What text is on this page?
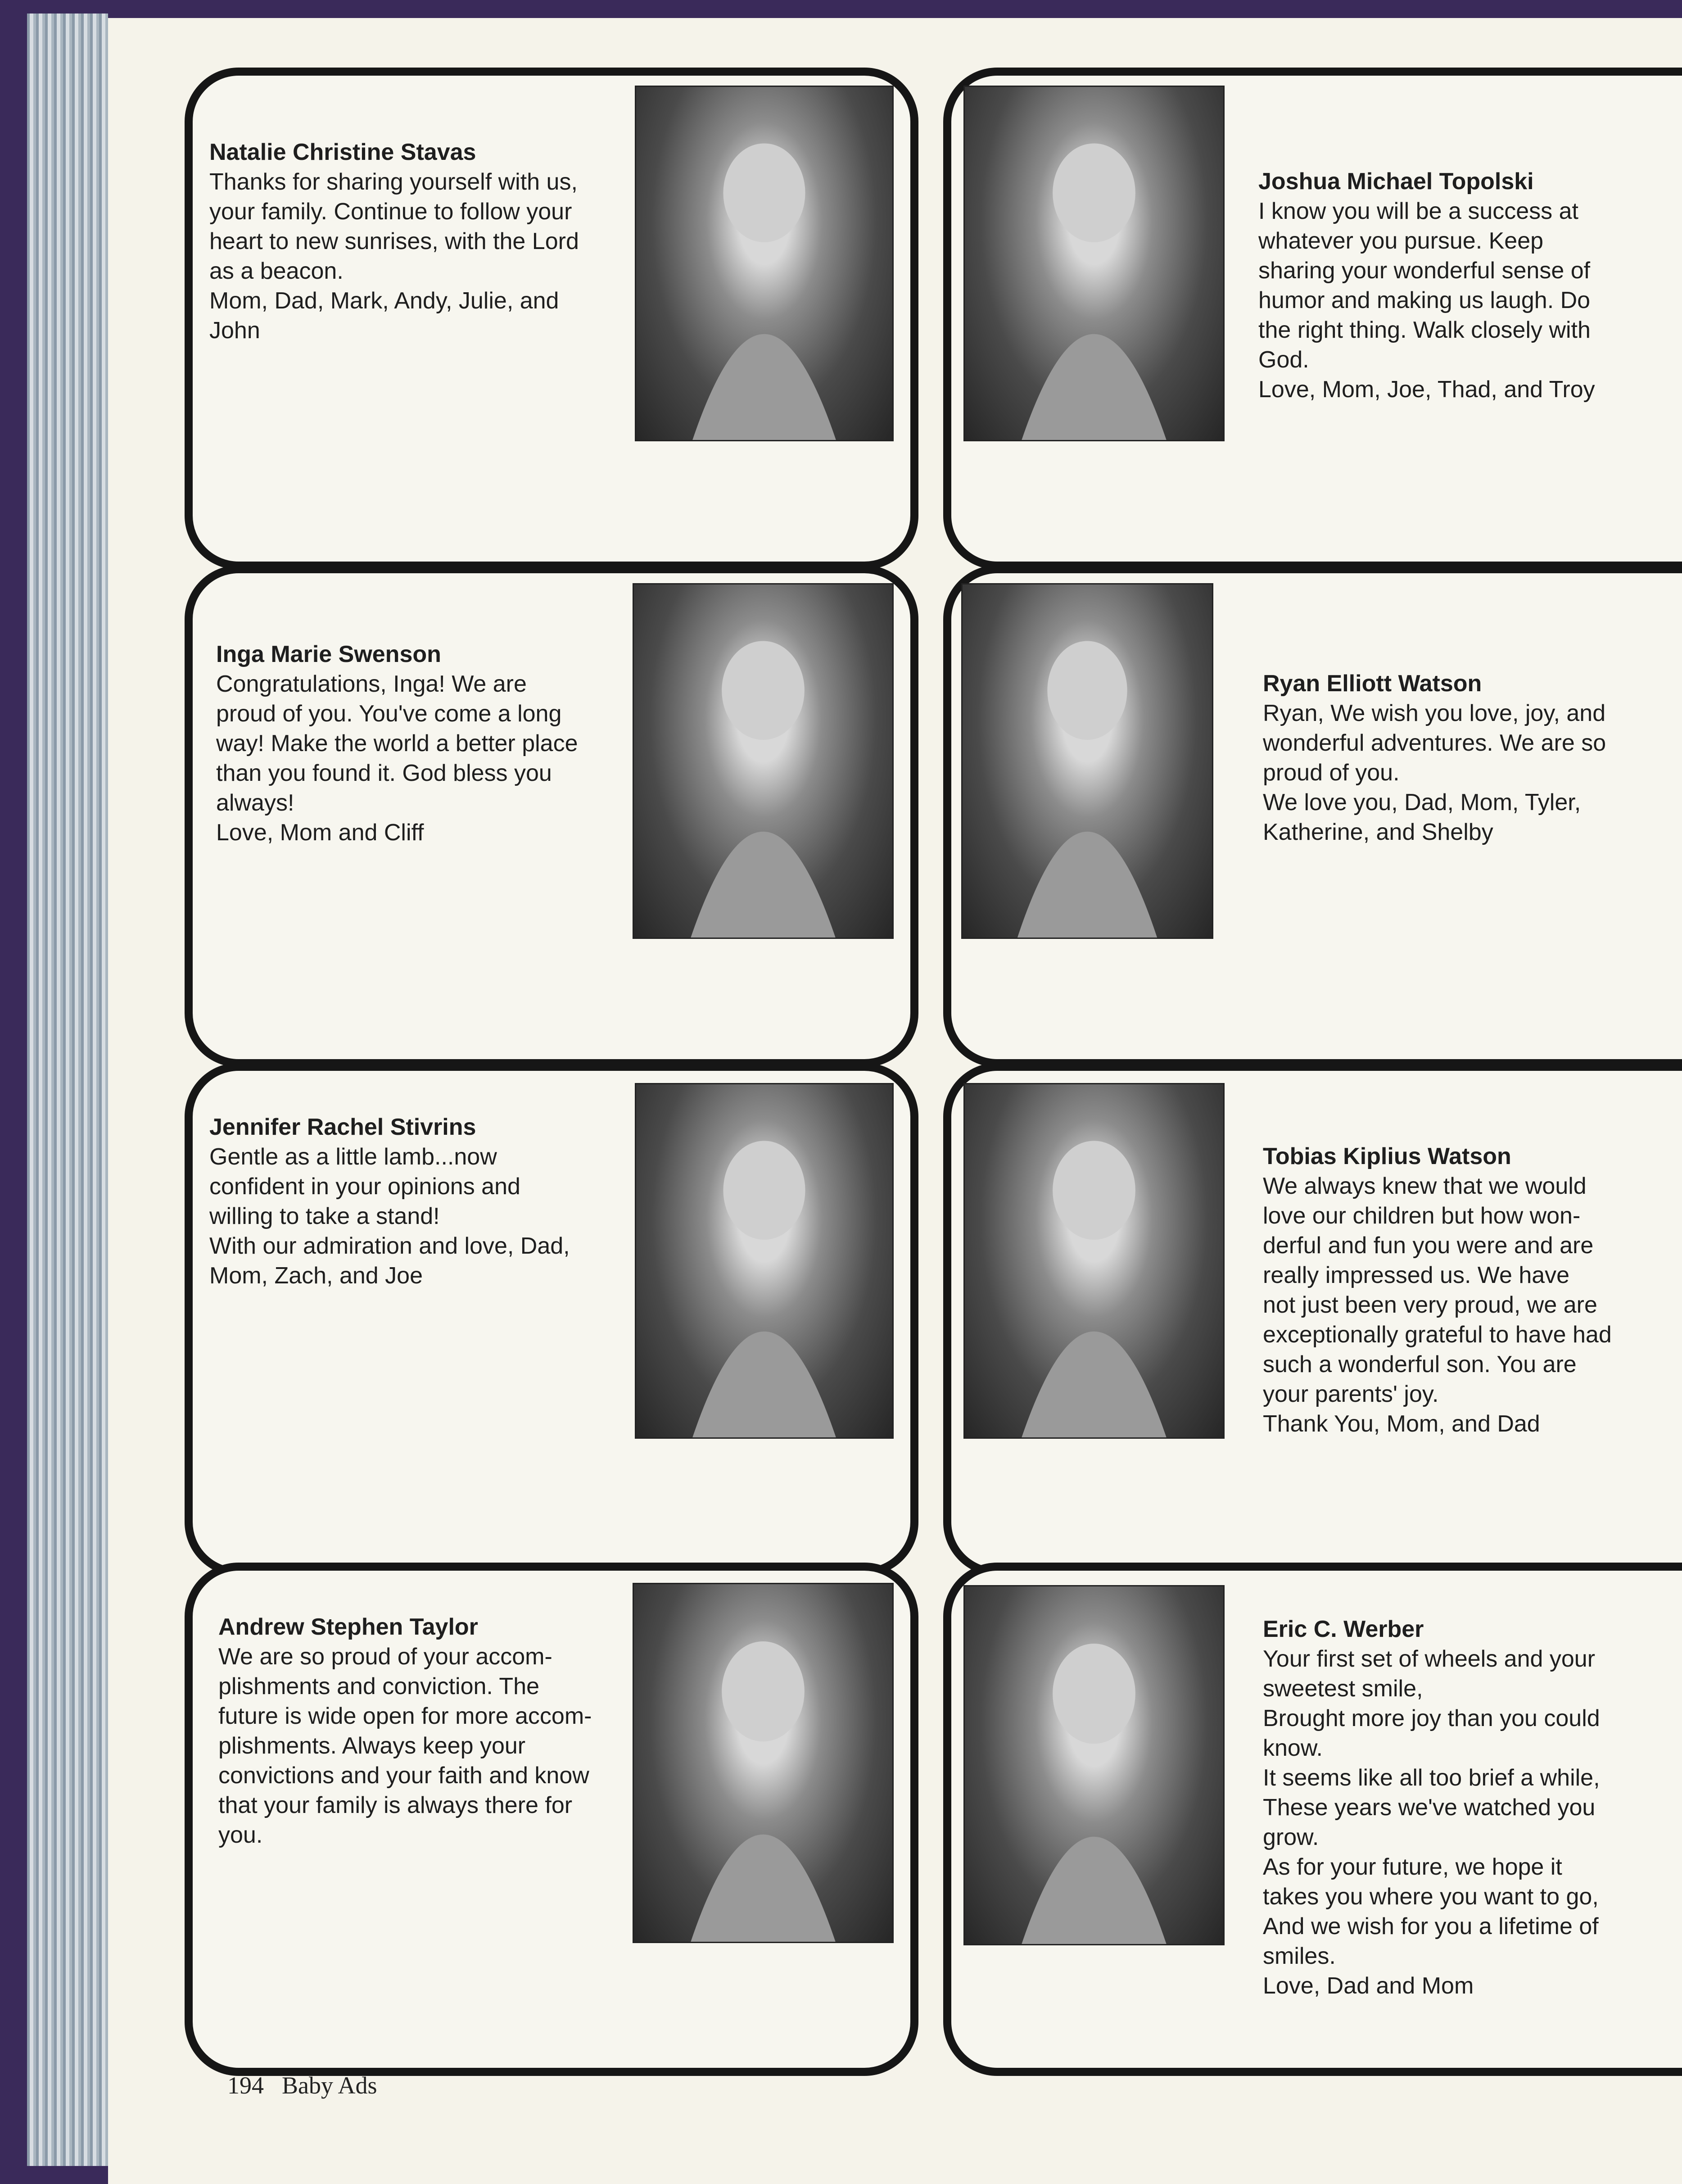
Natalie Christine Stavas
Thanks for sharing yourself with us,
your family. Continue to follow your
heart to new sunrises, with the Lord
as a beacon.
Mom, Dad, Mark, Andy, Julie, and
John
Joshua Michael Topolski
I know you will be a success at
whatever you pursue. Keep
sharing your wonderful sense of
humor and making us laugh. Do
the right thing. Walk closely with
God.
Love, Mom, Joe, Thad, and Troy
Inga Marie Swenson
Congratulations, Inga! We are
proud of you. You've come a long
way! Make the world a better place
than you found it. God bless you
always!
Love, Mom and Cliff
Ryan Elliott Watson
Ryan, We wish you love, joy, and
wonderful adventures. We are so
proud of you.
We love you, Dad, Mom, Tyler,
Katherine, and Shelby
Jennifer Rachel Stivrins
Gentle as a little lamb...now
confident in your opinions and
willing to take a stand!
With our admiration and love, Dad,
Mom, Zach, and Joe
Tobias Kiplius Watson
We always knew that we would
love our children but how won-
derful and fun you were and are
really impressed us. We have
not just been very proud, we are
exceptionally grateful to have had
such a wonderful son. You are
your parents' joy.
Thank You, Mom, and Dad
Andrew Stephen Taylor
We are so proud of your accom-
plishments and conviction. The
future is wide open for more accom-
plishments. Always keep your
convictions and your faith and know
that your family is always there for
you.
Eric C. Werber
Your first set of wheels and your
sweetest smile,
Brought more joy than you could
know.
It seems like all too brief a while,
These years we've watched you
grow.
As for your future, we hope it
takes you where you want to go,
And we wish for you a lifetime of
smiles.
Love, Dad and Mom
194 Baby Ads
